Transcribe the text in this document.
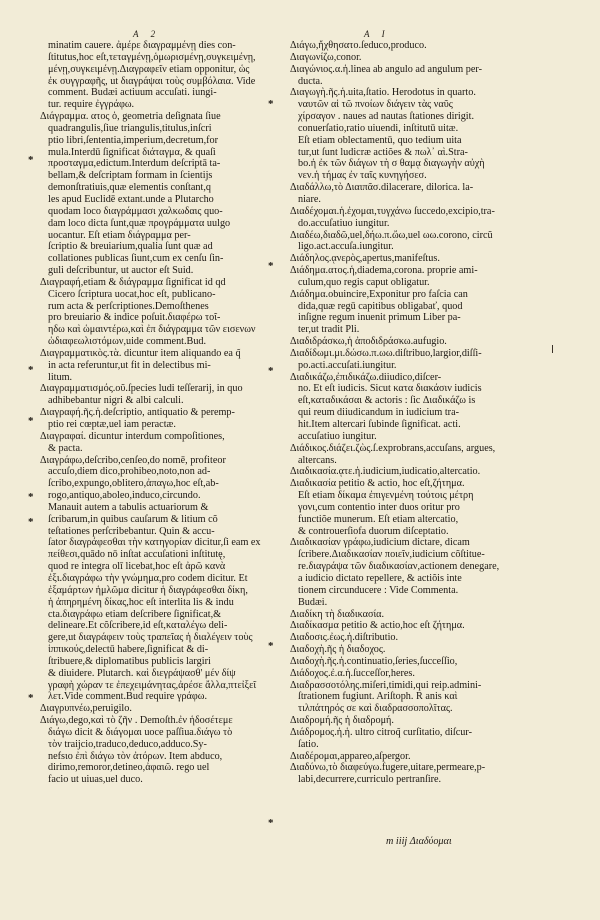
A 2	A I
minatim cauere. ἀμέρε διαγραμμένῃ dies con-
ſtitutus,hoc eſt,τεταγμένῃ,ὁμωρισμένῃ,συγκειμένῃ,
μένῃ,συγκειμένῃ.Διαγραφεῖν etiam opponitur, ὡς
ἐκ συγγραφῆς, ut διαγράψαι τοὺς συμβόλαια. Vide
comment. Budæi actiuum accuſati. iungi-
tur. require ἐγγράφω.
Διάγραμμα. ατος ὁ, geometria deſignata ſiue
quadrangulis,ſiue triangulis,titulus,inſcri
ptio libri,ſententia,imperium,decretum,for
mula.Interdū ſignificat διάταγμα, & quaſi
προσταγμα,edictum.Interdum deſcriptā ta-
bellam,& deſcriptam formam in ſcientijs
demonſtratiuis,quæ elementis conſtant,q
les apud Euclidē extant.unde a Plutarcho
quodam loco διαγράμμασι χαλκωδαις quo-
dam loco dicta ſunt,quæ προγράμματα uulgo
uocantur. Eſt etiam διάγραμμα per-
ſcriptio & breuiarium,qualia ſunt quæ ad
collationes publicas ſiunt,cum ex cenſu ſin-
guli deſcribuntur, ut auctor eſt Suid.
Διαγραφή,etiam & διάγραμμα ſignificat id qd
Cicero ſcriptura uocat,hoc eſt, publicano-
rum acta & perſcriptiones.Demoſthenes
pro breuiario & indice poſuit.διαφέρω τοῖ-
ηδω καὶ ὡμαιντέρω,καὶ ἐπ διάγραμμα τῶν εισενων
ὡδιαφεωλιστόμων,uide comment.Bud.
Διαγραμματικὸς.τὰ. dicuntur item aliquando ea q̃
in acta referuntur,ut fit in delectibus mi-
litum.
Διαγραμματισμός.οῦ.ſpecies ludi teſſerarij, in quo
adhibebantur nigri & albi calculi.
Διαγραφή.ῆς.ἡ.deſcriptio, antiquatio & peremp-
ptio rei cœptæ,uel iam peractæ.
Διαγραφαί. dicuntur interdum compoſitiones,
& pacta.
Διαγράφω,deſcribo,cenſeo,do nomē, profiteor
accuſo,diem dico,prohibeo,noto,non ad-
ſcribo,expungo,oblitero,ἀπαγω,hoc eſt,ab-
rogo,antiquo,aboleo,induco,circundo.
Manauit autem a tabulis actuariorum &
ſcribarum,in quibus cauſarum & litium cõ
teſtationes perſcribebantur. Quin & accu-
ſator διαγράφεσθαι τὴν κατηγορίαν dicitur,ſi eam ex
πείθεσι,quādo nō inſtat accuſationi inſtitutę,
quod re integra olī licebat,hoc eſt ἀρῶ κανὰ
ἐξι.διαγράφω τὴν γνώμημα,pro codem dicitur. Et
ἐξαμάρτων ἡμλῶμα dicitur ἡ διαγράφεσθαι δίκη,
ἡ ἀπηρημένη δίκας,hoc eſt interlita lis & indu
cta.διαγράφω etiam deſcribere ſignificat,&
delineare.Et cõſcribere,id eſt,καταλέγω deli-
gere,ut διαγράφειν τοὺς τραπεῖας ἡ διαλέγειν τοὺς
ἱππικούς,delectū habere,ſignificat & di-
ſtribuere,& diplomatibus publicis largiri
& diuidere. Plutarch. καὶ διεγράψασθ' μέν δίψ
γραφὴ χώραν τε ἐπεχειμάνητας,ἀρέσε ἄλλα,πτεἰξεῖ
λετ.Vide comment.Bud require γράφω.
Διαγρυπνέω,peruigilo.
Διάγω,dego,καὶ τὸ ζῆν . Demoſth.ἐν ἡδοσέτεμε
διάγω dicit & διάγομαι uoce paſſiua.διάγω τὸ
τὸν traijcio,traduco,deduco,adduco.Sy-
nefsιο ἐπὶ διάγω τὸν ἀτόρων. Item abduco,
dirimo,remoror,detineo,ἀφαιῶ. rego uel
facio ut uiuas,uel duco.
Διάγω,ἤχθησατο.ſeduco,produco.
Διαγωνίζω,conor.
Διαγώνιος.α.ἡ.linea ab angulo ad angulum per-
ducta.
Διαγωγὴ.ῆς.ἡ.uita,ſtatio. Herodotus in quarto.
ναυτῶν αἱ τῶ πνοίων διάγειν τὰς ναῦς
χίρσαγον . naues ad nautas ſtationes dirigit.
conuerſatio,ratio uiuendi, inſtitutū uitæ.
Eſt etiam oblectamentū, quo tedium uita
tur,ut ſunt ludicræ actiões & πωλ᾽ αὶ.Stra-
bo.ἡ ἐκ τῶν διάγων τὴ σ θαμᾳ διαγωγὴν αὐχὴ
νεν.ἡ τήμας ἐν ταῖς κυνηγήσεσ.
Διαδάλλω,τὸ Διαιπᾶσ.dilacerare, dilorica. la-
niare.
Διαδέχομαι.ἡ.ἐχομαι,τυγχάνω ſuccedo,excipio,tra-
do.accuſatiuo iungitur.
Διαδέω,διαδῶ,uel,δήω.π.ὤω,uel ωω.corono, circũ
ligo.act.accuſa.iungitur.
Διάδηλος.ᾳνερὸς,apertus,manifeſtus.
Διάδημα.ατος.ἡ,diadema,corona. proprie ami-
culum,quo regis caput obligatur.
Διάδημα.obuincire,Exponitur pro faſcia can
dida,quæ regū capitibus obligabať, quod
inſigne regum inuenit primum Liber pa-
ter,ut tradit Pli.
Διαδιδράσκω,ἡ ἀποδιδράσκω.aufugio.
Διαδίδωμι.μι.δώσω.π.ωω.diſtribuo,largior,diſſi-
po.acti.accuſati.iungitur.
Διαδικάζω,ἐπιδικάζω.diiudico,diſcer-
no. Et eſt iudicis. Sicut κατα διακάσιν iudicis
eſt,καταδικάσαι & actoris : ſic Διαδικάζω is
qui reum diiudicandum in iudicium tra-
hit.Item altercari ſubinde ſignificat. acti.
accuſatiuo iungitur.
Διάδικος.διάζει.ζὼς.ſ.exprobrans,accuſans, argues,
altercans.
Διαδικασία.ᾳτε.ἡ.iudicium,iudicatio,altercatio.
Διαδικασία petitio & actio, hoc eſt,ζήτημα.
Eſt etiam δίκαμα ἐπιγενμένη τούτοις μέτρη
γονι,cum contentio inter duos oritur pro
functiõe munerum. Eſt etiam altercatio,
& controuerſiofa duorum diſceptatio.
Διαδικασίαν γράφω,iudicium dictare, dicam
ſcribere.Διαδικασίαν ποιεῖν,iudicium cõſtitue-
re.διαγράψα τῶν διαδικασίαν,actionem denegare,
a iudicio dictato repellere, & actiõis inte
tionem circunducere : Vide Commenta.
Budæi.
Διαδίκη τὴ διαδικασία.
Διαδίκασμα petitio & actio,hoc eſt ζήτημα.
Διαδοσις.ἐως.ἡ.diſtributio.
Διαδοχὴ.ῆς ἡ διαδοχος.
Διαδοχὴ.ῆς.ἡ.continuatio,ſeries,ſucceſſio,
Διάδοχος.ἐ.α.ἡ.ſucceſſor,heres.
Διαδρασσοτόλης.miſeri,timidi,qui reip.admini-
ſtrationem fugiunt. Ariſtoph. R anis καὶ
τιλπάτηρός σε καὶ διαδρασσοπολῖτας.
Διαδρομή.ῆς ἡ διαδρομή.
Διάδρομος.ἡ.ἡ. ultro citroq̃ curſitatio, diſcur-
ſatio.
Διαδέρομαι,appareo,aſpergor.
Διαδύνω,τὸ διαφεύγω.fugere,uitare,permeare,p-
labi,decurrere,curriculo pertranſire.
*
*
*
*
*
*
*
*
*
*
*
m iiij Διαδύομαι
